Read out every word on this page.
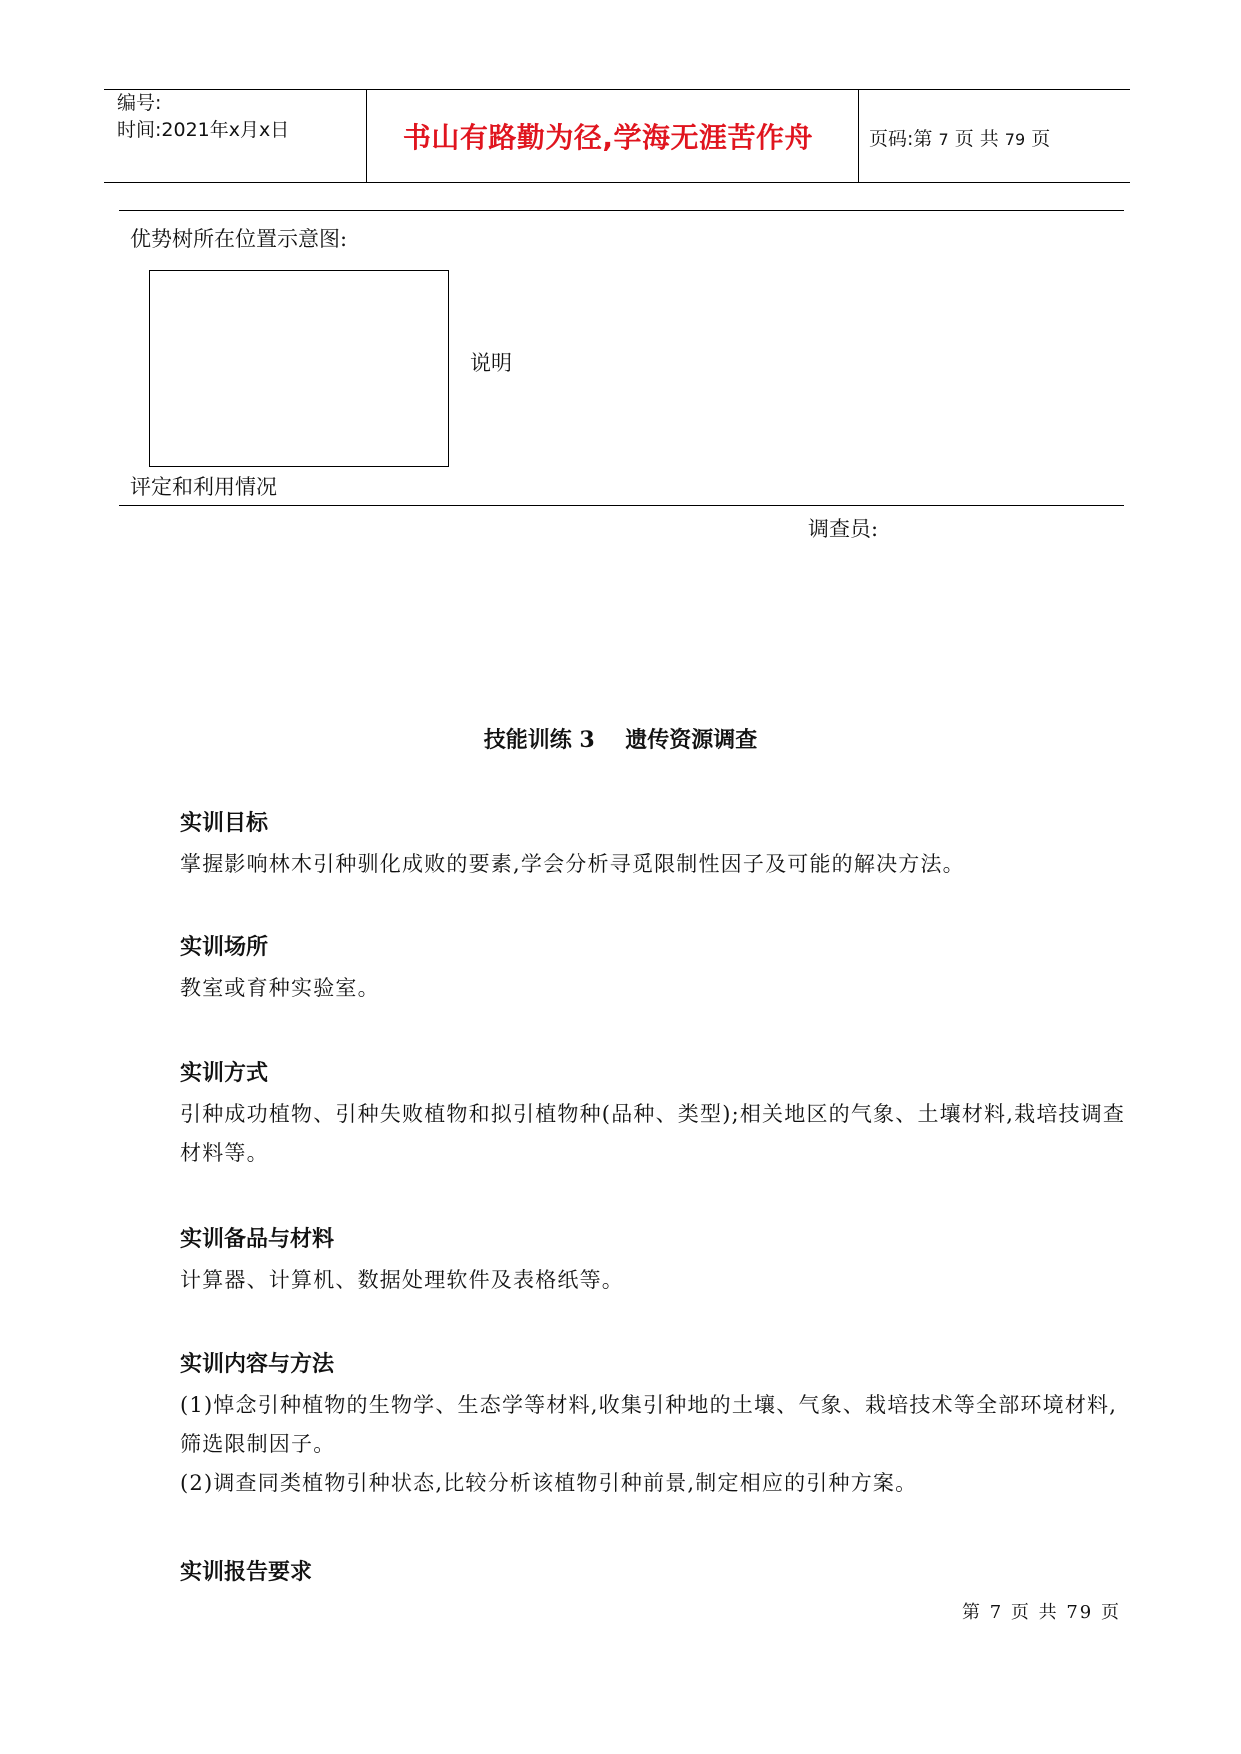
编号:
时间:2021年x月x日	书山有路勤为径,学海无涯苦作舟	页码:第 7 页 共 79 页
优势树所在位置示意图:
说明
评定和利用情况
调查员:
技能训练 3    遗传资源调查
实训目标
掌握影响林木引种驯化成败的要素,学会分析寻觅限制性因子及可能的解决方法。
实训场所
教室或育种实验室。
实训方式
引种成功植物、引种失败植物和拟引植物种(品种、类型);相关地区的气象、土壤材料,栽培技调查材料等。
实训备品与材料
计算器、计算机、数据处理软件及表格纸等。
实训内容与方法
(1)悼念引种植物的生物学、生态学等材料,收集引种地的土壤、气象、栽培技术等全部环境材料,筛选限制因子。
(2)调查同类植物引种状态,比较分析该植物引种前景,制定相应的引种方案。
实训报告要求
第 7 页 共 79 页
